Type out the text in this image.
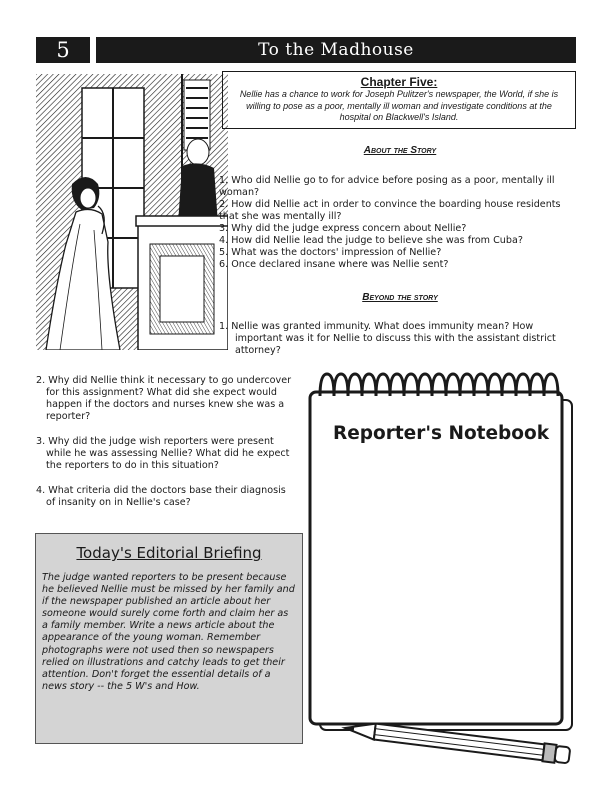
5	To the Madhouse
Chapter Five:
Nellie has a chance to work for Joseph Pulitzer's newspaper, the World, if she is willing to pose as a poor, mentally ill woman and investigate conditions at the hospital on Blackwell's Island.
About the Story
1. Who did Nellie go to for advice before posing as a poor, mentally ill woman?
2. How did Nellie act in order to convince the boarding house residents that she was mentally ill?
3. Why did the judge express concern about Nellie?
4. How did Nellie lead the judge to believe she was from Cuba?
5. What was the doctors' impression of Nellie?
6. Once declared insane where was Nellie sent?
Beyond the story
1. Nellie was granted immunity. What does immunity mean? How important was it for Nellie to discuss this with the assistant district attorney?
2. Why did Nellie think it necessary to go undercover for this assignment? What did she expect would happen if the doctors and nurses knew she was a reporter?
3. Why did the judge wish reporters were present while he was assessing Nellie? What did he expect the reporters to do in this situation?
4. What criteria did the doctors base their diagnosis of insanity on in Nellie's case?
Today's Editorial Briefing
The judge wanted reporters to be present because he believed Nellie must be missed by her family and if the newspaper published an article about her someone would surely come forth and claim her as a family member. Write a news article about the appearance of the young woman. Remember photographs were not used then so newspapers relied on illustrations and catchy leads to get their attention. Don't forget the essential details of a news story -- the 5 W's and How.
Reporter's Notebook
